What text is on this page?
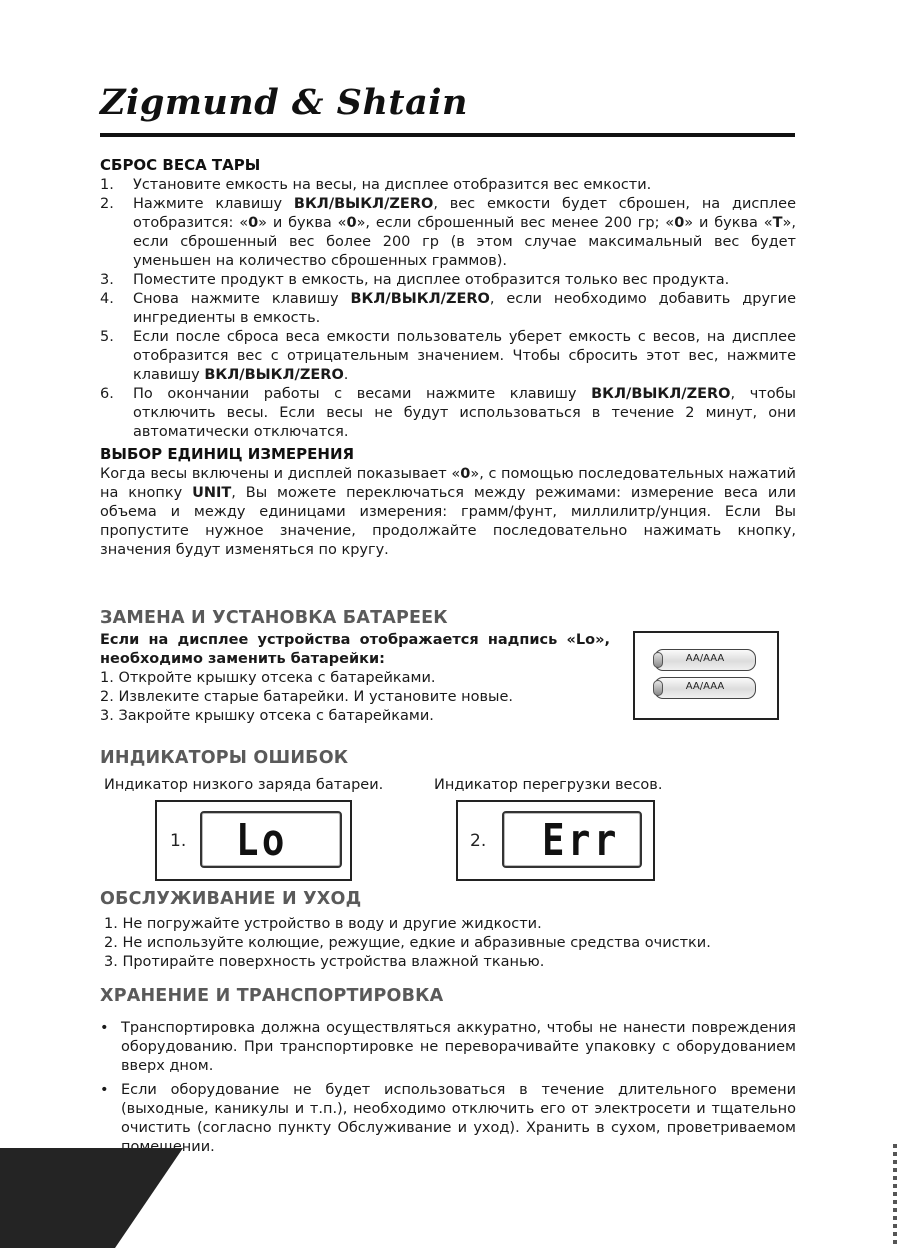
Zigmund & Shtain
СБРОС ВЕСА ТАРЫ
1. Установите емкость на весы, на дисплее отобразится вес емкости.
2. Нажмите клавишу ВКЛ/ВЫКЛ/ZERO, вес емкости будет сброшен, на дисплее отобразится: «0» и буква «0», если сброшенный вес менее 200 гр; «0» и буква «T», если сброшенный вес более 200 гр (в этом случае максимальный вес будет уменьшен на количество сброшенных граммов).
3. Поместите продукт в емкость, на дисплее отобразится только вес продукта.
4. Снова нажмите клавишу ВКЛ/ВЫКЛ/ZERO, если необходимо добавить другие ингредиенты в емкость.
5. Если после сброса веса емкости пользователь уберет емкость с весов, на дисплее отобразится вес с отрицательным значением. Чтобы сбросить этот вес, нажмите клавишу ВКЛ/ВЫКЛ/ZERO.
6. По окончании работы с весами нажмите клавишу ВКЛ/ВЫКЛ/ZERO, чтобы отключить весы. Если весы не будут использоваться в течение 2 минут, они автоматически отключатся.
ВЫБОР ЕДИНИЦ ИЗМЕРЕНИЯ

Когда весы включены и дисплей показывает «0», с помощью последовательных нажатий на кнопку UNIT, Вы можете переключаться между режимами: измерение веса или объема и между единицами измерения: грамм/фунт, миллилитр/унция. Если Вы пропустите нужное значение, продолжайте последовательно нажимать кнопку, значения будут изменяться по кругу.

ЗАМЕНА И УСТАНОВКА БАТАРЕЕК

Если на дисплее устройства отображается надпись «Lo», необходимо заменить батарейки:

1. Откройте крышку отсека с батарейками.
2. Извлеките старые батарейки. И установите новые.
3. Закройте крышку отсека с батарейками.
AA/AAA
AA/AAA
ИНДИКАТОРЫ ОШИБОК
Индикатор низкого заряда батареи.	Индикатор перегрузки весов.
1. Lo	2. Err
ОБСЛУЖИВАНИЕ И УХОД
1. Не погружайте устройство в воду и другие жидкости.
2. Не используйте колющие, режущие, едкие и абразивные средства очистки.
3. Протирайте поверхность устройства влажной тканью.
ХРАНЕНИЕ И ТРАНСПОРТИРОВКА
• Транспортировка должна осуществляться аккуратно, чтобы не нанести повреждения оборудованию. При транспортировке не переворачивайте упаковку с оборудованием вверх дном.
• Если оборудование не будет использоваться в течение длительного времени (выходные, каникулы и т.п.), необходимо отключить его от электросети и тщательно очистить (согласно пункту Обслуживание и уход). Хранить в сухом, проветриваемом помещении.
